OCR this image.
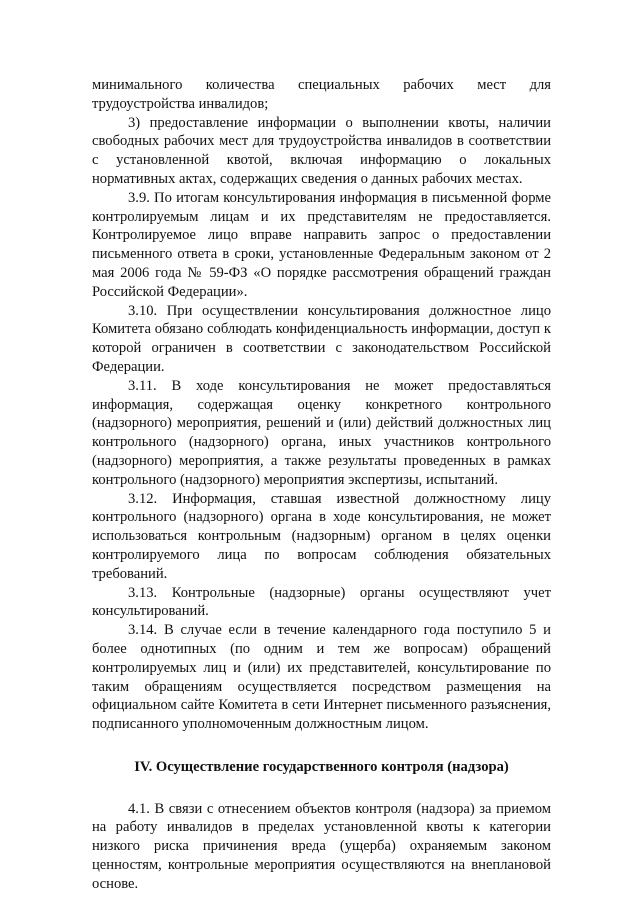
минимального количества специальных рабочих мест для трудоустройства инвалидов;

3) предоставление информации о выполнении квоты, наличии свободных рабочих мест для трудоустройства инвалидов в соответствии с установленной квотой, включая информацию о локальных нормативных актах, содержащих сведения о данных рабочих местах.

3.9. По итогам консультирования информация в письменной форме контролируемым лицам и их представителям не предоставляется. Контролируемое лицо вправе направить запрос о предоставлении письменного ответа в сроки, установленные Федеральным законом от 2 мая 2006 года № 59-ФЗ «О порядке рассмотрения обращений граждан Российской Федерации».

3.10. При осуществлении консультирования должностное лицо Комитета обязано соблюдать конфиденциальность информации, доступ к которой ограничен в соответствии с законодательством Российской Федерации.

3.11. В ходе консультирования не может предоставляться информация, содержащая оценку конкретного контрольного (надзорного) мероприятия, решений и (или) действий должностных лиц контрольного (надзорного) органа, иных участников контрольного (надзорного) мероприятия, а также результаты проведенных в рамках контрольного (надзорного) мероприятия экспертизы, испытаний.

3.12. Информация, ставшая известной должностному лицу контрольного (надзорного) органа в ходе консультирования, не может использоваться контрольным (надзорным) органом в целях оценки контролируемого лица по вопросам соблюдения обязательных требований.

3.13. Контрольные (надзорные) органы осуществляют учет консультирований.

3.14. В случае если в течение календарного года поступило 5 и более однотипных (по одним и тем же вопросам) обращений контролируемых лиц и (или) их представителей, консультирование по таким обращениям осуществляется посредством размещения на официальном сайте Комитета в сети Интернет письменного разъяснения, подписанного уполномоченным должностным лицом.

IV. Осуществление государственного контроля (надзора)

4.1. В связи с отнесением объектов контроля (надзора) за приемом на работу инвалидов в пределах установленной квоты к категории низкого риска причинения вреда (ущерба) охраняемым законом ценностям, контрольные мероприятия осуществляются на внеплановой основе.
